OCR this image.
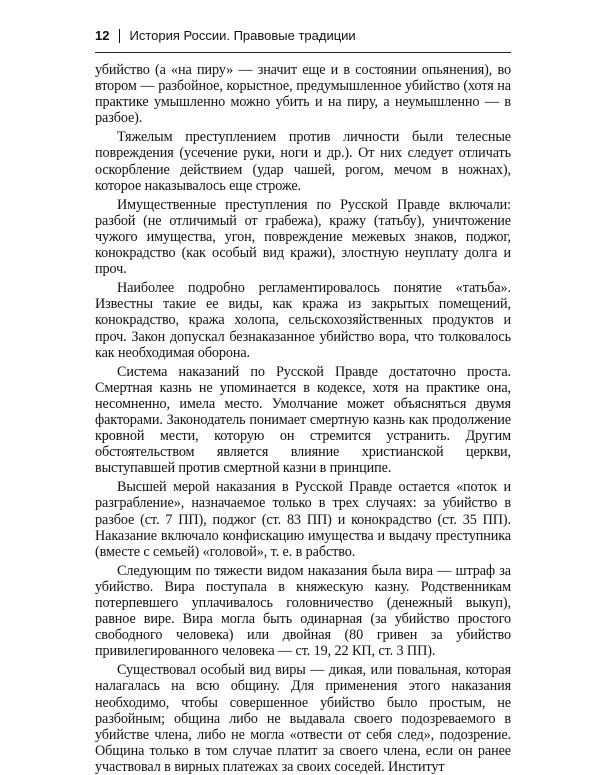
12 История России. Правовые традиции

убийство (а «на пиру» — значит еще и в состоянии опьянения), во втором — разбойное, корыстное, предумышленное убийство (хотя на практике умышленно можно убить и на пиру, а неумышленно — в разбое).

Тяжелым преступлением против личности были телесные повреждения (усечение руки, ноги и др.). От них следует отличать оскорбление действием (удар чашей, рогом, мечом в ножнах), которое наказывалось еще строже.

Имущественные преступления по Русской Правде включали: разбой (не отличимый от грабежа), кражу (татьбу), уничтожение чужого имущества, угон, повреждение межевых знаков, поджог, конокрадство (как особый вид кражи), злостную неуплату долга и проч.

Наиболее подробно регламентировалось понятие «татьба». Известны такие ее виды, как кража из закрытых помещений, конокрадство, кража холопа, сельскохозяйственных продуктов и проч. Закон допускал безнаказанное убийство вора, что толковалось как необходимая оборона.

Система наказаний по Русской Правде достаточно проста. Смертная казнь не упоминается в кодексе, хотя на практике она, несомненно, имела место. Умолчание может объясняться двумя факторами. Законодатель понимает смертную казнь как продолжение кровной мести, которую он стремится устранить. Другим обстоятельством является влияние христианской церкви, выступавшей против смертной казни в принципе.

Высшей мерой наказания в Русской Правде остается «поток и разграбление», назначаемое только в трех случаях: за убийство в разбое (ст. 7 ПП), поджог (ст. 83 ПП) и конокрадство (ст. 35 ПП). Наказание включало конфискацию имущества и выдачу преступника (вместе с семьей) «головой», т. е. в рабство.

Следующим по тяжести видом наказания была вира — штраф за убийство. Вира поступала в княжескую казну. Родственникам потерпевшего уплачивалось головничество (денежный выкуп), равное вире. Вира могла быть одинарная (за убийство простого свободного человека) или двойная (80 гривен за убийство привилегированного человека — ст. 19, 22 КП, ст. 3 ПП).

Существовал особый вид виры — дикая, или повальная, которая налагалась на всю общину. Для применения этого наказания необходимо, чтобы совершенное убийство было простым, не разбойным; община либо не выдавала своего подозреваемого в убийстве члена, либо не могла «отвести от себя след», подозрение. Община только в том случае платит за своего члена, если он ранее участвовал в вирных платежах за своих соседей. Институт
